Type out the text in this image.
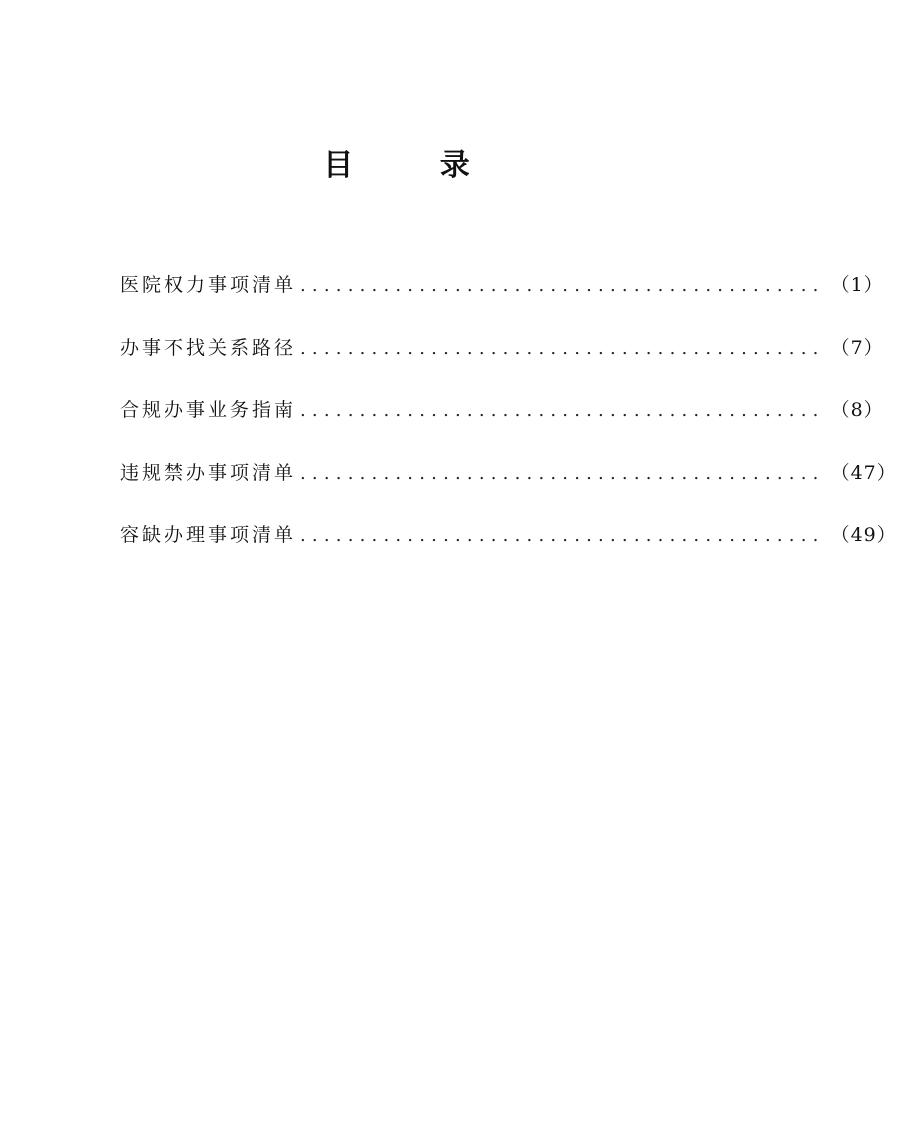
目 录
医院权力事项清单 ............................................ （1）
办事不找关系路径 ............................................ （7）
合规办事业务指南 ............................................ （8）
违规禁办事项清单 ............................................ （47）
容缺办理事项清单 ............................................ （49）
